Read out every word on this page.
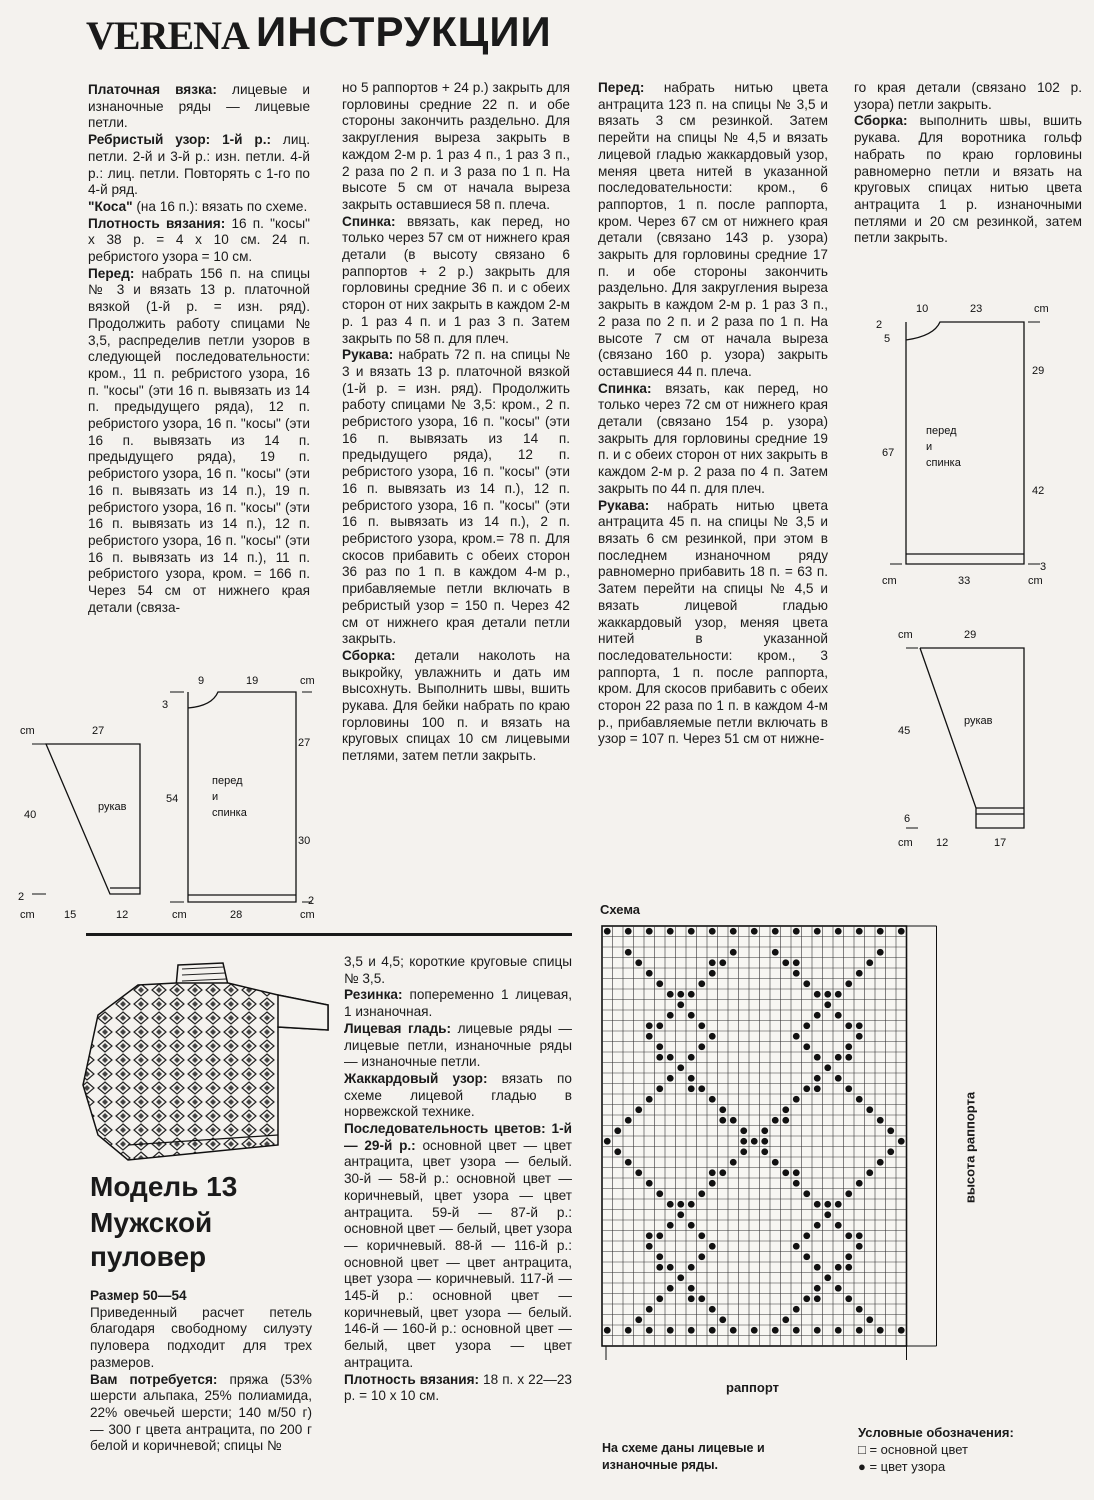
VERENA ИНСТРУКЦИИ

Платочная вязка: лицевые и изнаночные ряды — лицевые петли.

Ребристый узор: 1-й р.: лиц. петли. 2-й и 3-й р.: изн. петли. 4-й р.: лиц. петли. Повторять с 1-го по 4-й ряд.

"Коса" (на 16 п.): вязать по схеме.

Плотность вязания: 16 п. "косы" х 38 р. = 4 х 10 см. 24 п. ребристого узора = 10 см.

Перед: набрать 156 п. на спицы № 3 и вязать 13 р. платочной вязкой (1-й р. = изн. ряд). Продолжить работу спицами № 3,5, распределив петли узоров в следующей последовательности: кром., 11 п. ребристого узора, 16 п. "косы" (эти 16 п. вывязать из 14 п. предыдущего ряда), 12 п. ребристого узора, 16 п. "косы" (эти 16 п. вывязать из 14 п. предыдущего ряда), 19 п. ребристого узора, 16 п. "косы" (эти 16 п. вывязать из 14 п.), 19 п. ребристого узора, 16 п. "косы" (эти 16 п. вывязать из 14 п.), 12 п. ребристого узора, 16 п. "косы" (эти 16 п. вывязать из 14 п.), 11 п. ребристого узора, кром. = 166 п. Через 54 см от нижнего края детали (связа-

но 5 раппортов + 24 р.) закрыть для горловины средние 22 п. и обе стороны закончить раздельно. Для закругления выреза закрыть в каждом 2-м р. 1 раз 4 п., 1 раз 3 п., 2 раза по 2 п. и 3 раза по 1 п. На высоте 5 см от начала выреза закрыть оставшиеся 58 п. плеча.

Спинка: ввязать, как перед, но только через 57 см от нижнего края детали (в высоту связано 6 раппортов + 2 р.) закрыть для горловины средние 36 п. и с обеих сторон от них закрыть в каждом 2-м р. 1 раз 4 п. и 1 раз 3 п. Затем закрыть по 58 п. для плеч.

Рукава: набрать 72 п. на спицы № 3 и вязать 13 р. платочной вязкой (1-й р. = изн. ряд). Продолжить работу спицами № 3,5: кром., 2 п. ребристого узора, 16 п. "косы" (эти 16 п. вывязать из 14 п. предыдущего ряда), 12 п. ребристого узора, 16 п. "косы" (эти 16 п. вывязать из 14 п.), 12 п. ребристого узора, 16 п. "косы" (эти 16 п. вывязать из 14 п.), 2 п. ребристого узора, кром.= 78 п. Для скосов прибавить с обеих сторон 36 раз по 1 п. в каждом 4-м р., прибавляемые петли включать в ребристый узор = 150 п. Через 42 см от нижнего края детали петли закрыть.

Сборка: детали наколоть на выкройку, увлажнить и дать им высохнуть. Выполнить швы, вшить рукава. Для бейки набрать по краю горловины 100 п. и вязать на круговых спицах 10 см лицевыми петлями, затем петли закрыть.

Перед: набрать нитью цвета антрацита 123 п. на спицы № 3,5 и вязать 3 см резинкой. Затем перейти на спицы № 4,5 и вязать лицевой гладью жаккардовый узор, меняя цвета нитей в указанной последовательности: кром., 6 раппортов, 1 п. после раппорта, кром. Через 67 см от нижнего края детали (связано 143 р. узора) закрыть для горловины средние 17 п. и обе стороны закончить раздельно. Для закругления выреза закрыть в каждом 2-м р. 1 раз 3 п., 2 раза по 2 п. и 2 раза по 1 п. На высоте 7 см от начала выреза (связано 160 р. узора) закрыть оставшиеся 44 п. плеча.

Спинка: вязать, как перед, но только через 72 см от нижнего края детали (связано 154 р. узора) закрыть для горловины средние 19 п. и с обеих сторон от них закрыть в каждом 2-м р. 2 раза по 4 п. Затем закрыть по 44 п. для плеч.

Рукава: набрать нитью цвета антрацита 45 п. на спицы № 3,5 и вязать 6 см резинкой, при этом в последнем изнаночном ряду равномерно прибавить 18 п. = 63 п. Затем перейти на спицы № 4,5 и вязать лицевой гладью жаккардовый узор, меняя цвета нитей в указанной последовательности: кром., 3 раппорта, 1 п. после раппорта, кром. Для скосов прибавить с обеих сторон 22 раза по 1 п. в каждом 4-м р., прибавляемые петли включать в узор = 107 п. Через 51 см от нижне-

го края детали (связано 102 р. узора) петли закрыть.

Сборка: выполнить швы, вшить рукава. Для воротника гольф набрать по краю горловины равномерно петли и вязать на круговых спицах нитью цвета антрацита 1 р. изнаночными петлями и 20 см резинкой, затем петли закрыть.

3,5 и 4,5; короткие круговые спицы № 3,5.

Резинка: попеременно 1 лицевая, 1 изнаночная.

Лицевая гладь: лицевые ряды — лицевые петли, изнаночные ряды — изнаночные петли.

Жаккардовый узор: вязать по схеме лицевой гладью в норвежской технике.

Последовательность цветов: 1-й — 29-й р.: основной цвет — цвет антрацита, цвет узора — белый. 30-й — 58-й р.: основной цвет — коричневый, цвет узора — цвет антрацита. 59-й — 87-й р.: основной цвет — белый, цвет узора — коричневый. 88-й — 116-й р.: основной цвет — цвет антрацита, цвет узора — коричневый. 117-й — 145-й р.: основной цвет — коричневый, цвет узора — белый. 146-й — 160-й р.: основной цвет — белый, цвет узора — цвет антрацита.

Плотность вязания: 18 п. х 22—23 р. = 10 х 10 см.

Модель 13
Мужской
пуловер

Размер 50—54

Приведенный расчет петель благодаря свободному силуэту пуловера подходит для трех размеров.

Вам потребуется: пряжа (53% шерсти альпака, 25% полиамида, 22% овечьей шерсти; 140 м/50 г) — 300 г цвета антрацита, по 200 г белой и коричневой; спицы №

cm	27
40
рукав
2
cm	15	12
9	19	cm
3
54
перед
и
спинка
27
30
2
cm	28	cm
10	23	cm
2
5
29
67
перед
и
спинка
42
3
cm	33	cm
cm	29
45
рукав
6
cm 12	17
Схема
высота раппорта
раппорт
На схеме даны лицевые и изнаночные ряды.
Условные обозначения:
□ = основной цвет
● = цвет узора
